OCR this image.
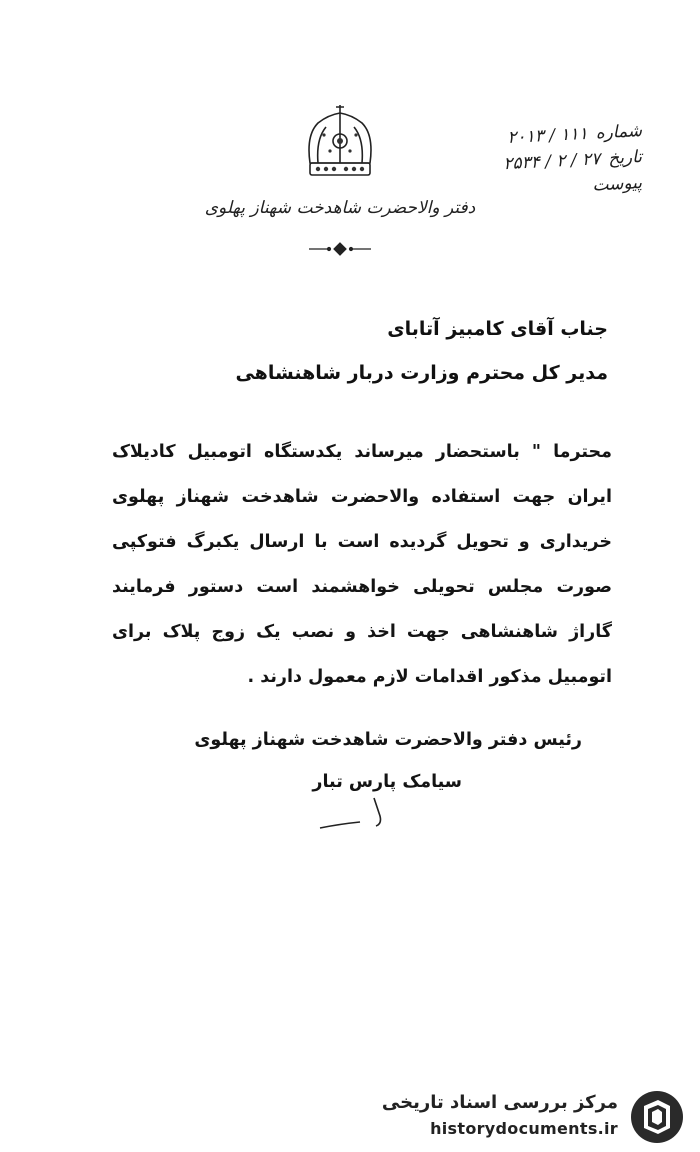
دفتر والاحضرت شاهدخت شهناز پهلوی
شماره۱۱۱ / ۲۰۱۳
تاریخ۲۷ / ۲ / ۲۵۳۴
پیوست
جناب آقای کامبیز آتابای
مدیر کل محترم وزارت دربار شاهنشاهی
محترما " باستحضار میرساند یکدستگاه اتومبیل کادیلاک ایران جهت استفاده والاحضرت شاهدخت شهناز پهلوی خریداری و تحویل گردیده است با ارسال یکبرگ فتوکپی صورت مجلس تحویلی خواهشمند است دستور فرمایند گاراژ شاهنشاهی جهت اخذ و نصب یک زوج پلاک برای اتومبیل مذکور اقدامات لازم معمول دارند .
رئیس دفتر والاحضرت شاهدخت شهناز پهلوی
سیامک پارس تبار
مرکز بررسی اسناد تاریخی
historydocuments.ir
